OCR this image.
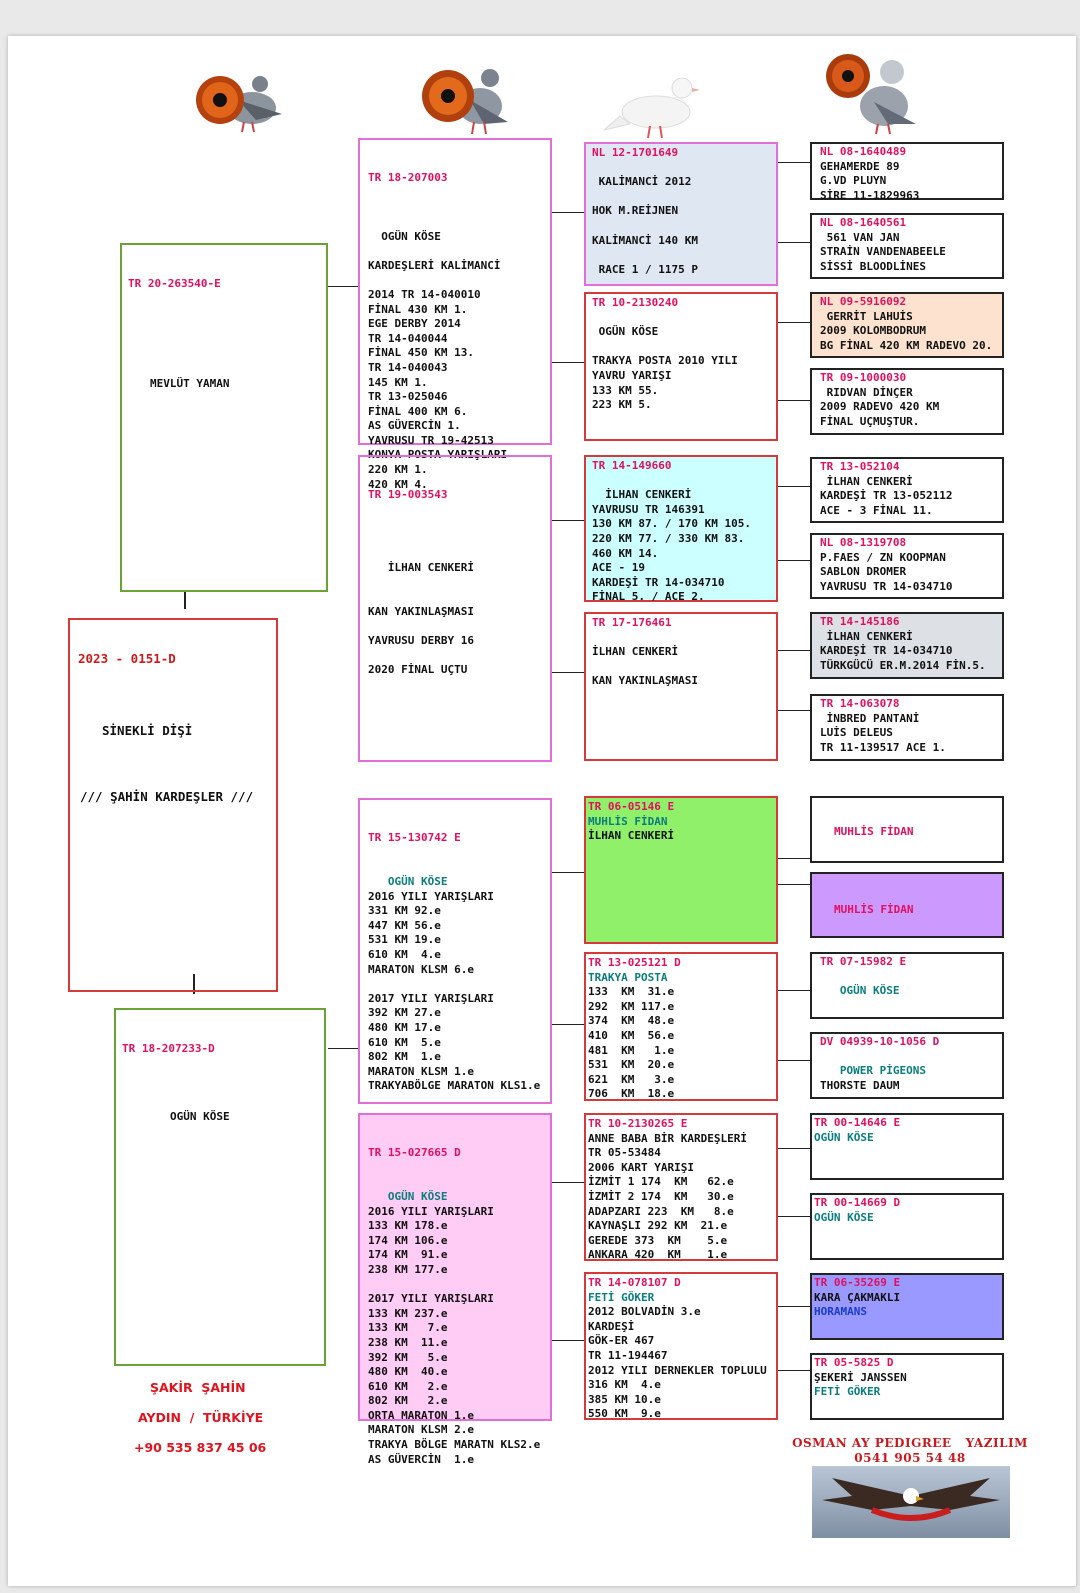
TR 20-263540-E

MEVLÜT YAMAN

2023 - 0151-D

SİNEKLİ DİŞİ

/// ŞAHİN KARDEŞLER ///

TR 18-207233-D

OGÜN KÖSE

TR 18-207003

OGÜN KÖSE

KARDEŞLERİ KALİMANCİ

2014 TR 14-040010
FİNAL 430 KM 1.
EGE DERBY 2014
TR 14-040044
FİNAL 450 KM 13.
TR 14-040043
145 KM 1.
TR 13-025046
FİNAL 400 KM 6.
AS GÜVERCİN 1.
YAVRUSU TR 19-42513
KONYA POSTA YARIŞLARI
220 KM 1.
420 KM 4.

TR 19-003543

İLHAN CENKERİ

KAN YAKINLAŞMASI

YAVRUSU DERBY 16

2020 FİNAL UÇTU

TR 15-130742 E

OGÜN KÖSE
2016 YILI YARIŞLARI
331 KM 92.e
447 KM 56.e
531 KM 19.e
610 KM  4.e
MARATON KLSM 6.e

2017 YILI YARIŞLARI
392 KM 27.e
480 KM 17.e
610 KM  5.e
802 KM  1.e
MARATON KLSM 1.e
TRAKYABÖLGE MARATON KLS1.e

TR 15-027665 D

OGÜN KÖSE
2016 YILI YARIŞLARI
133 KM 178.e
174 KM 106.e
174 KM  91.e
238 KM 177.e

2017 YILI YARIŞLARI
133 KM 237.e
133 KM   7.e
238 KM  11.e
392 KM   5.e
480 KM  40.e
610 KM   2.e
802 KM   2.e
ORTA MARATON 1.e
MARATON KLSM 2.e
TRAKYA BÖLGE MARATN KLS2.e
AS GÜVERCİN  1.e

NL 12-1701649

KALİMANCİ 2012

HOK M.REİJNEN

KALİMANCİ 140 KM

RACE 1 / 1175 P
TR 10-2130240

OGÜN KÖSE

TRAKYA POSTA 2010 YILI
YAVRU YARIŞI
133 KM 55.
223 KM 5.
TR 14-149660

İLHAN CENKERİ
YAVRUSU TR 146391
130 KM 87. / 170 KM 105.
220 KM 77. / 330 KM 83.
460 KM 14.
ACE - 19
KARDEŞİ TR 14-034710
FİNAL 5. / ACE 2.
TR 17-176461

İLHAN CENKERİ

KAN YAKINLAŞMASI
TR 06-05146 E
MUHLİS FİDAN
İLHAN CENKERİ
TR 13-025121 D
TRAKYA POSTA
133  KM  31.e
292  KM 117.e
374  KM  48.e
410  KM  56.e
481  KM   1.e
531  KM  20.e
621  KM   3.e
706  KM  18.e
TR 10-2130265 E
ANNE BABA BİR KARDEŞLERİ
TR 05-53484
2006 KART YARIŞI
İZMİT 1 174  KM   62.e
İZMİT 2 174  KM   30.e
ADAPZARI 223  KM   8.e
KAYNAŞLI 292 KM  21.e
GEREDE 373  KM    5.e
ANKARA 420  KM    1.e
TR 14-078107 D
FETİ GÖKER
2012 BOLVADİN 3.e
KARDEŞİ
GÖK-ER 467
TR 11-194467
2012 YILI DERNEKLER TOPLULU
316 KM  4.e
385 KM 10.e
550 KM  9.e
NL 08-1640489
GEHAMERDE 89
G.VD PLUYN
SİRE 11-1829963
NL 08-1640561
561 VAN JAN
STRAİN VANDENABEELE
SİSSİ BLOODLİNES
NL 09-5916092
GERRİT LAHUİS
2009 KOLOMBODRUM
BG FİNAL 420 KM RADEVO 20.
TR 09-1000030
RIDVAN DİNÇER
2009 RADEVO 420 KM
FİNAL UÇMUŞTUR.
TR 13-052104
İLHAN CENKERİ
KARDEŞİ TR 13-052112
ACE - 3 FİNAL 11.
NL 08-1319708
P.FAES / ZN KOOPMAN
SABLON DROMER
YAVRUSU TR 14-034710
TR 14-145186
İLHAN CENKERİ
KARDEŞİ TR 14-034710
TÜRKGÜCÜ ER.M.2014 FİN.5.
TR 14-063078
İNBRED PANTANİ
LUİS DELEUS
TR 11-139517 ACE 1.
MUHLİS FİDAN
MUHLİS FİDAN
TR 07-15982 E

OGÜN KÖSE
DV 04939-10-1056 D

POWER PİGEONS
THORSTE DAUM
TR 00-14646 E
OGÜN KÖSE
TR 00-14669 D
OGÜN KÖSE
TR 06-35269 E
KARA ÇAKMAKLI
HORAMANS
TR 05-5825 D
ŞEKERİ JANSSEN
FETİ GÖKER
ŞAKİR  ŞAHİN
AYDIN  /  TÜRKİYE
+90 535 837 45 06	OSMAN AY PEDIGREE   YAZILIM
0541 905 54 48
